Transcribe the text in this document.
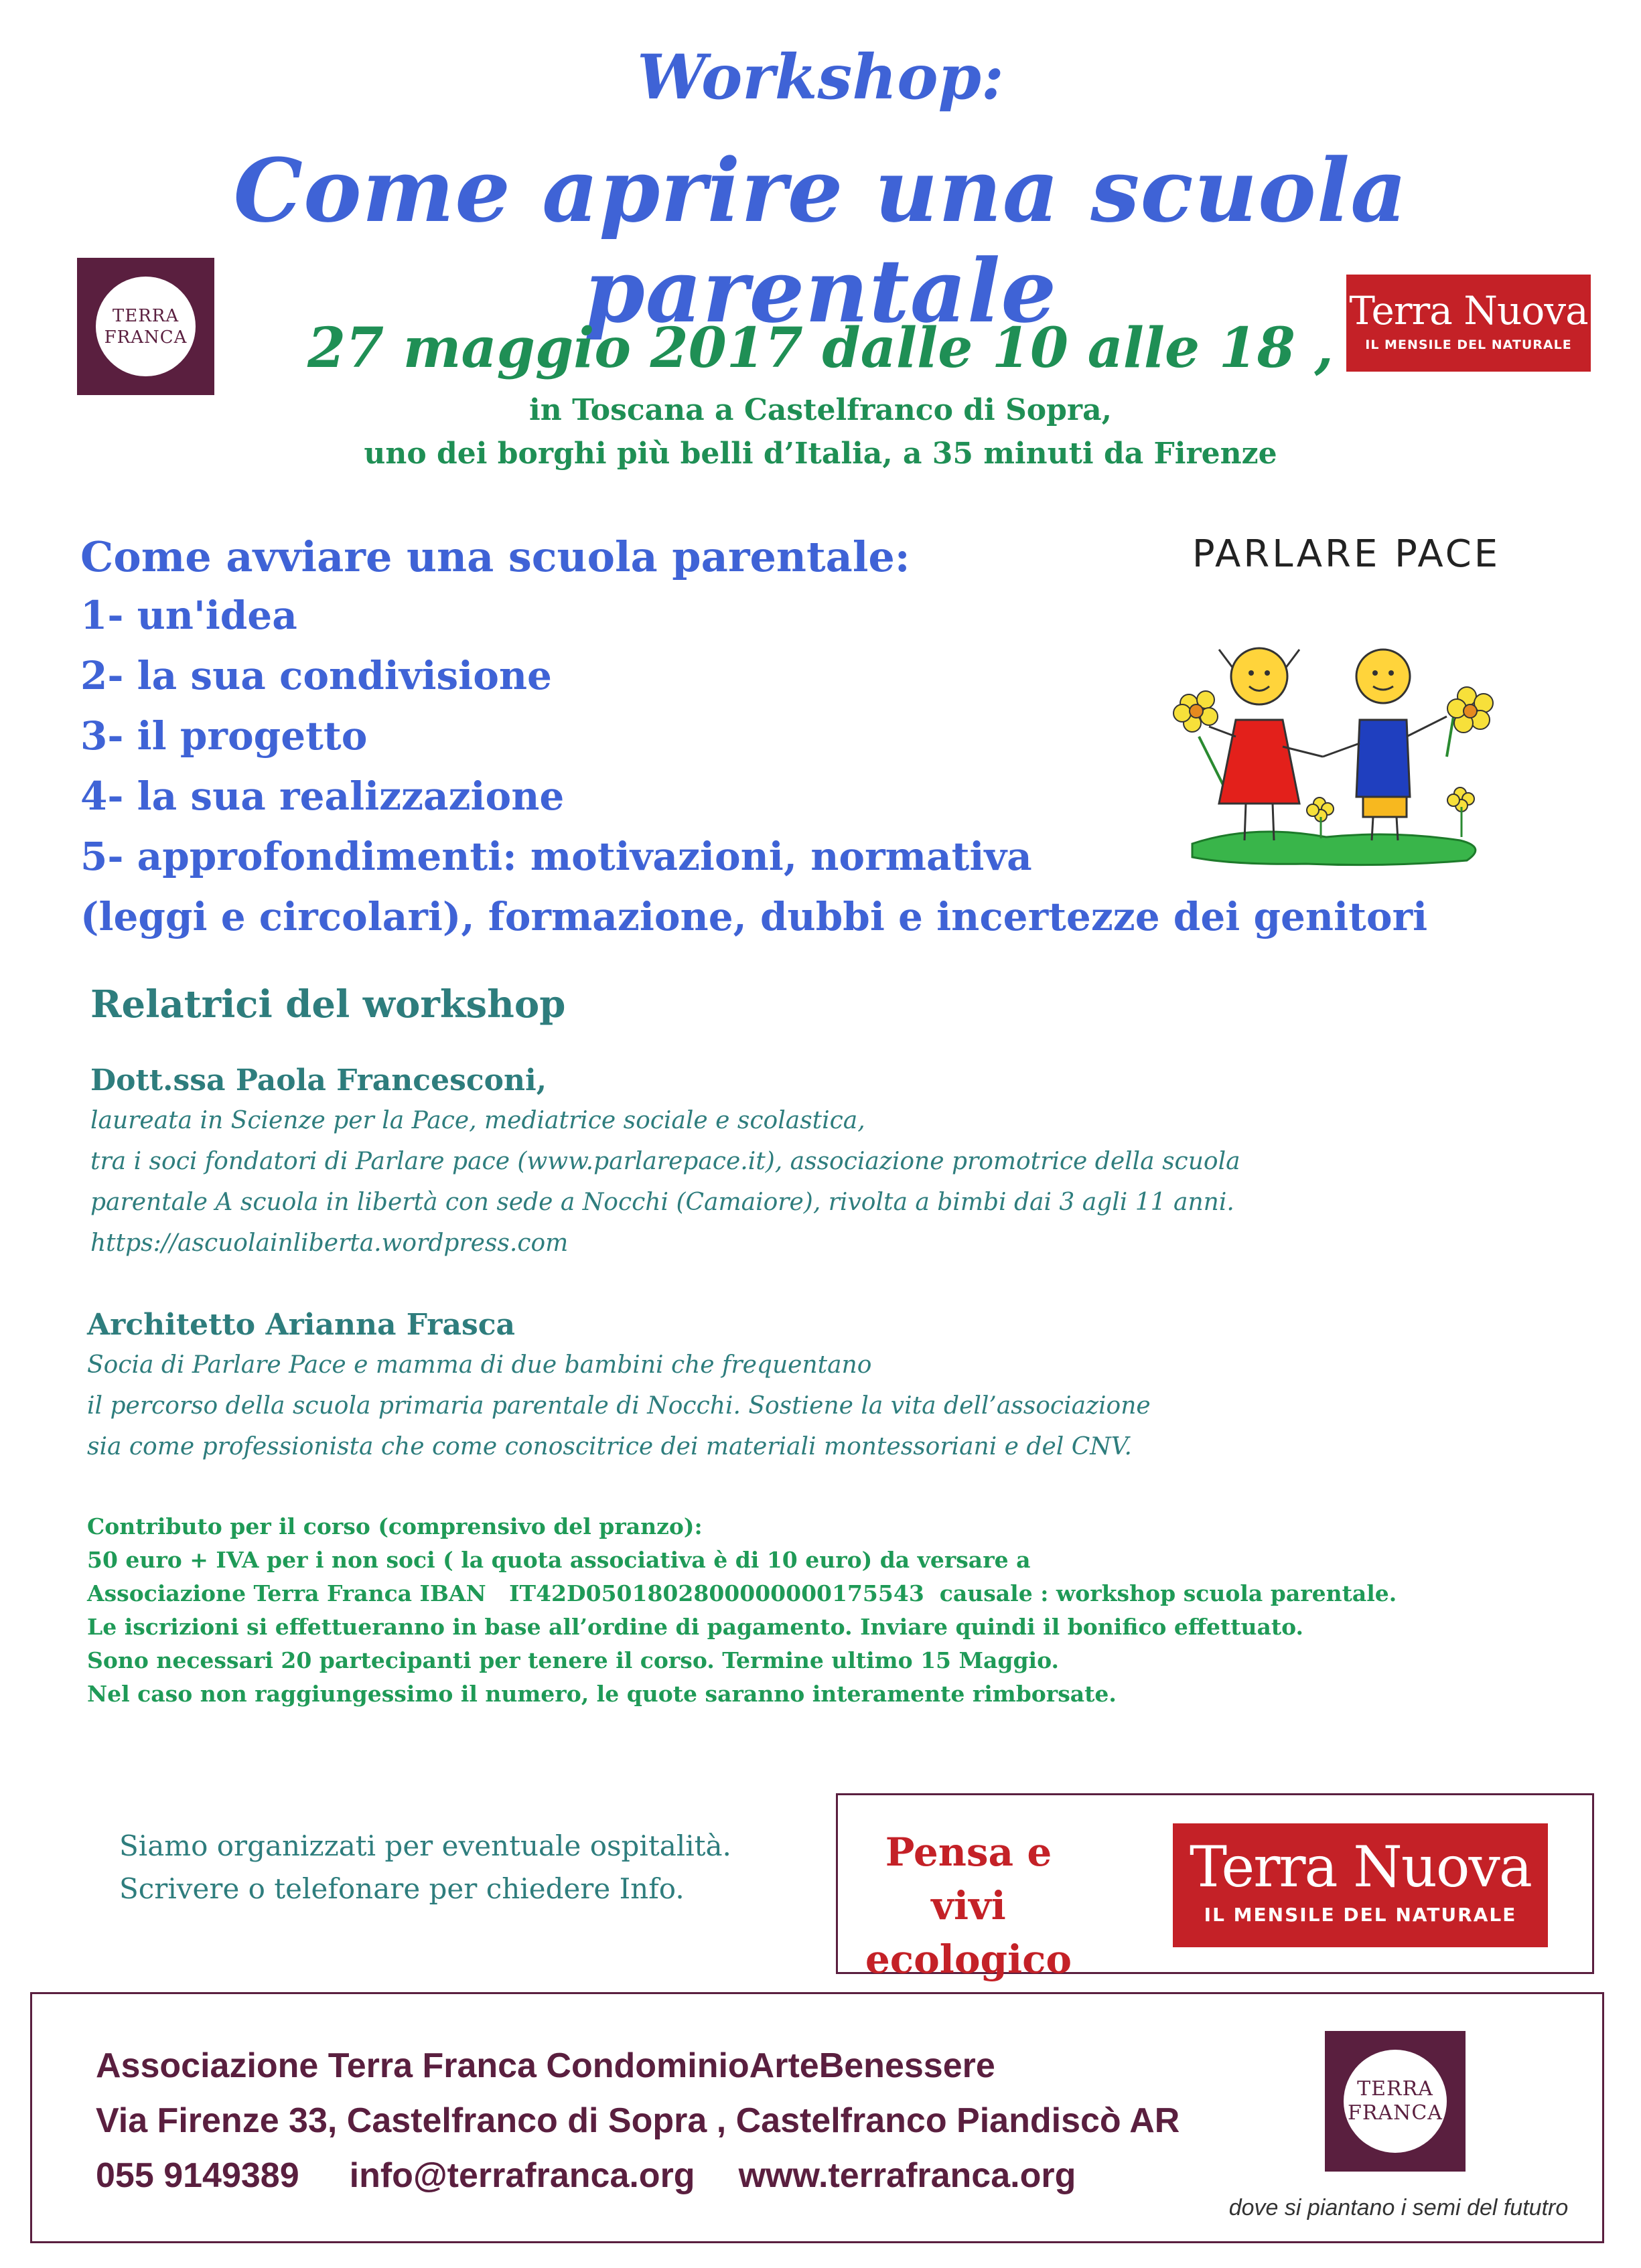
Workshop:
Come aprire una scuola parentale
TERRA
FRANCA
Terra Nuova
IL MENSILE DEL NATURALE
27 maggio 2017 dalle 10 alle 18 ,
in Toscana a Castelfranco di Sopra,
uno dei borghi più belli d’Italia, a 35 minuti da Firenze
Come avviare una scuola parentale:
1- un'idea
2- la sua condivisione
3- il progetto
4- la sua realizzazione
5- approfondimenti: motivazioni, normativa
(leggi e circolari), formazione, dubbi e incertezze dei genitori
PARLARE PACE
Relatrici del workshop
Dott.ssa Paola Francesconi,
laureata in Scienze per la Pace, mediatrice sociale e scolastica,
tra i soci fondatori di Parlare pace (www.parlarepace.it), associazione promotrice della scuola
parentale A scuola in libertà con sede a Nocchi (Camaiore), rivolta a bimbi dai 3 agli 11 anni.
https://ascuolainliberta.wordpress.com
Architetto Arianna Frasca
Socia di Parlare Pace e mamma di due bambini che frequentano
il percorso della scuola primaria parentale di Nocchi. Sostiene la vita dell’associazione
sia come professionista che come conoscitrice dei materiali montessoriani e del CNV.
Contributo per il corso (comprensivo del pranzo):
50 euro + IVA per i non soci ( la quota associativa è di 10 euro) da versare a
Associazione Terra Franca IBAN   IT42D0501802800000000175543  causale : workshop scuola parentale.
Le iscrizioni si effettueranno in base all’ordine di pagamento. Inviare quindi il bonifico effettuato.
Sono necessari 20 partecipanti per tenere il corso. Termine ultimo 15 Maggio.
Nel caso non raggiungessimo il numero, le quote saranno interamente rimborsate.
Siamo organizzati per eventuale ospitalità.
Scrivere o telefonare per chiedere Info.
Pensa e vivi
ecologico
Terra Nuova
IL MENSILE DEL NATURALE
Associazione Terra Franca CondominioArteBenessere
Via Firenze 33, Castelfranco di Sopra , Castelfranco Piandiscò AR
055 9149389 info@terrafranca.org www.terrafranca.org
TERRA
FRANCA
dove si piantano i semi del fututro
